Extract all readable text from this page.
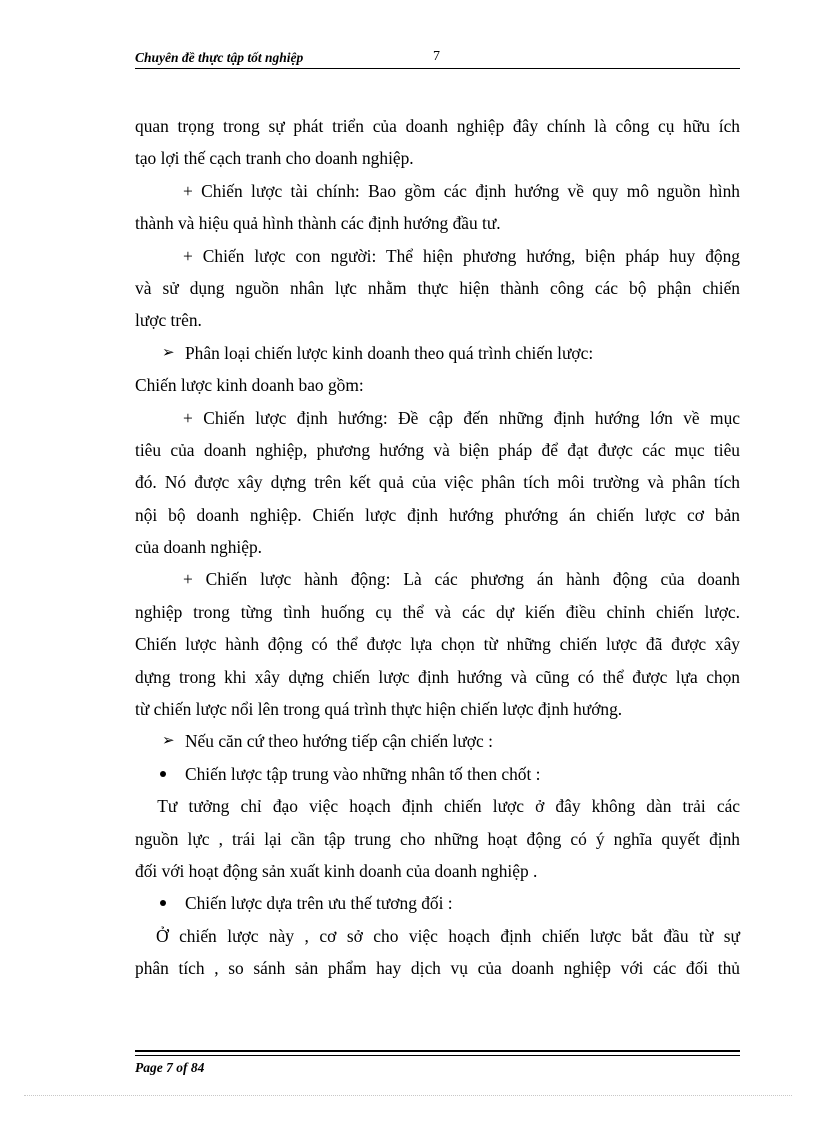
Chuyên đề thực tập tốt nghiệp	7
quan trọng trong sự phát triển của doanh nghiệp đây chính là công cụ hữu ích
tạo lợi thế cạch tranh cho doanh nghiệp.
+ Chiến lược tài chính: Bao gồm các định hướng về quy mô nguồn hình
thành và hiệu quả hình thành các định hướng đầu tư.
+ Chiến lược con người: Thể hiện phương hướng, biện pháp huy động
và sử dụng nguồn nhân lực nhằm thực hiện thành công các bộ phận chiến
lược trên.
➢ Phân loại chiến lược kinh doanh theo quá trình chiến lược:
Chiến lược kinh doanh bao gồm:
+ Chiến lược định hướng: Đề cập đến những định hướng lớn về mục
tiêu của doanh nghiệp, phương hướng và biện pháp để đạt được các mục tiêu
đó. Nó được xây dựng trên kết quả của việc phân tích môi trường và phân tích
nội bộ doanh nghiệp. Chiến lược định hướng phướng án chiến lược cơ bản
của doanh nghiệp.
+ Chiến lược hành động: Là các phương án hành động của doanh
nghiệp trong từng tình huống cụ thể và các dự kiến điều chỉnh chiến lược.
Chiến lược hành động có thể được lựa chọn từ những chiến lược đã được xây
dựng trong khi xây dựng chiến lược định hướng và cũng có thể được lựa chọn
từ chiến lược nổi lên trong quá trình thực hiện chiến lược định hướng.
➢ Nếu căn cứ theo hướng tiếp cận chiến lược :
Chiến lược tập trung vào những nhân tố then chốt :
Tư tưởng chỉ đạo việc hoạch định chiến lược ở đây không dàn trải các
nguồn lực , trái lại cần tập trung cho những hoạt động có ý nghĩa quyết định
đối với hoạt động sản xuất kinh doanh của doanh nghiệp .
Chiến lược dựa trên ưu thế tương đối :
Ở chiến lược này , cơ sở cho việc hoạch định chiến lược bắt đầu từ sự
phân tích , so sánh sản phẩm hay dịch vụ của doanh nghiệp với các đối thủ
Page 7 of 84
